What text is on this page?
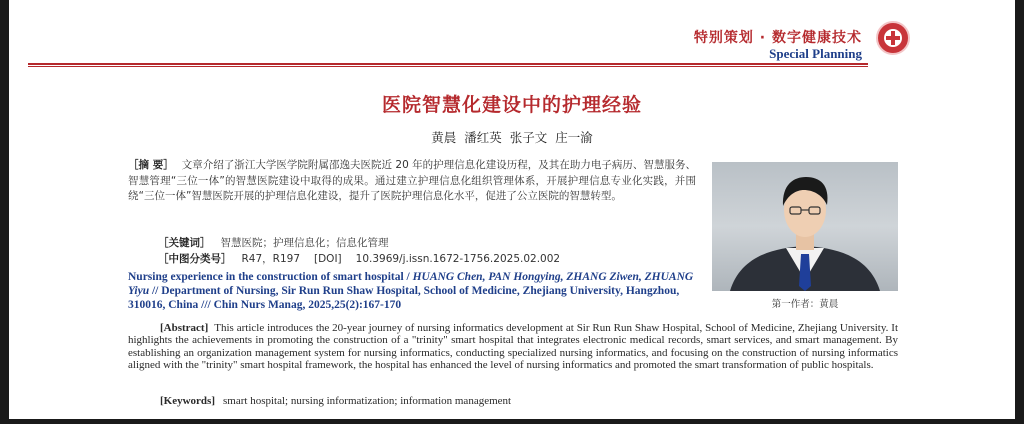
特别策划 · 数字健康技术
Special Planning
医院智慧化建设中的护理经验
黄晨 潘红英 张子文 庄一渝
［摘 要］ 文章介绍了浙江大学医学院附属邵逸夫医院近 20 年的护理信息化建设历程，及其在助力电子病历、智慧服务、智慧管理“三位一体”的智慧医院建设中取得的成果。通过建立护理信息化组织管理体系，开展护理信息专业化实践，并围绕“三位一体”智慧医院开展的护理信息化建设，提升了医院护理信息化水平，促进了公立医院的智慧转型。
［关键词］ 智慧医院；护理信息化；信息化管理
［中图分类号］ R47，R197 [DOI] 10.3969/j.issn.1672-1756.2025.02.002
Nursing experience in the construction of smart hospital / HUANG Chen, PAN Hongying, ZHANG Ziwen, ZHUANG Yiyu // Department of Nursing, Sir Run Run Shaw Hospital, School of Medicine, Zhejiang University, Hangzhou, 310016, China /// Chin Nurs Manag, 2025,25(2):167-170
[Abstract] This article introduces the 20-year journey of nursing informatics development at Sir Run Run Shaw Hospital, School of Medicine, Zhejiang University. It highlights the achievements in promoting the construction of a "trinity" smart hospital that integrates electronic medical records, smart services, and smart management. By establishing an organization management system for nursing informatics, conducting specialized nursing informatics, and focusing on the construction of nursing informatics aligned with the "trinity" smart hospital framework, the hospital has enhanced the level of nursing informatics and promoted the smart transformation of public hospitals.
[Keywords] smart hospital; nursing informatization; information management
第一作者：黄晨
